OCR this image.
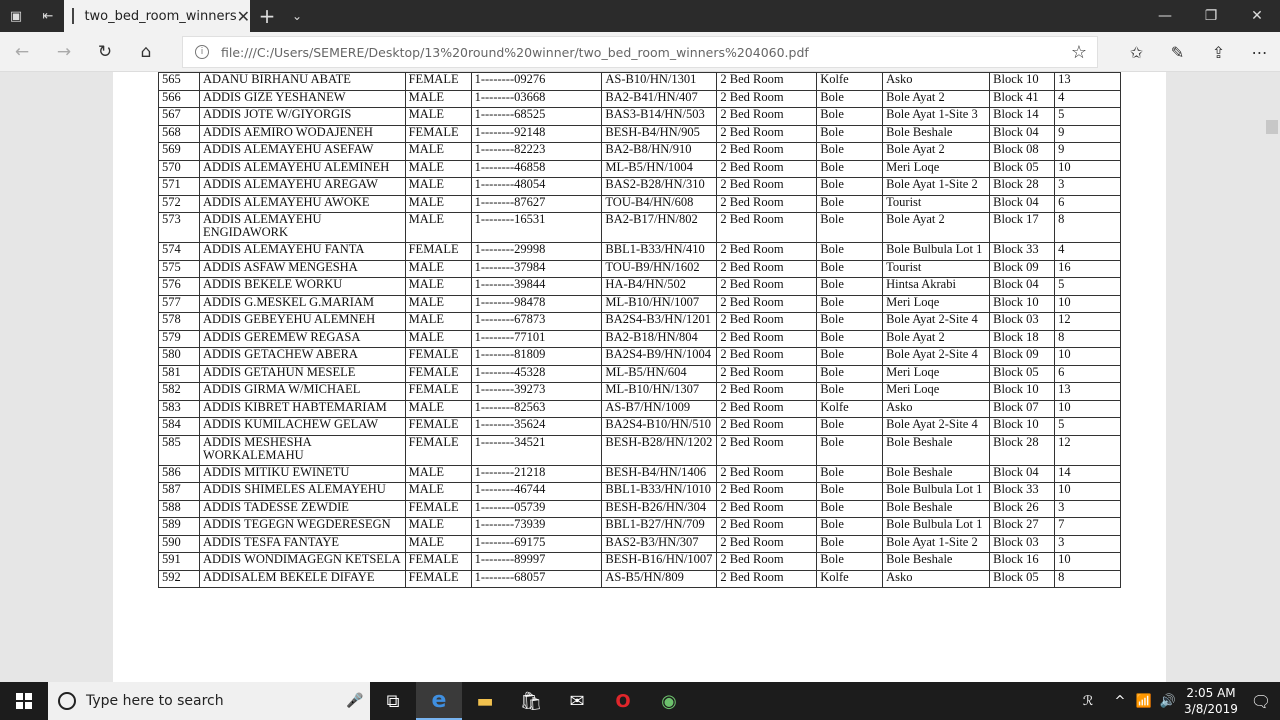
▣	⇤	two_bed_room_winners ✕ +	⌄	—	❐	✕
←	→	↻	⌂	i	file:///C:/Users/SEMERE/Desktop/13%20round%20winner/two_bed_room_winners%204060.pdf	☆	✩	✎	⇪	⋯
565	ADANU BIRHANU ABATE	FEMALE	1--------09276	AS-B10/HN/1301	2 Bed Room	Kolfe	Asko	Block 10	13
566	ADDIS GIZE YESHANEW	MALE	1--------03668	BA2-B41/HN/407	2 Bed Room	Bole	Bole Ayat 2	Block 41	4
567	ADDIS JOTE W/GIYORGIS	MALE	1--------68525	BAS3-B14/HN/503	2 Bed Room	Bole	Bole Ayat 1-Site 3	Block 14	5
568	ADDIS AEMIRO WODAJENEH	FEMALE	1--------92148	BESH-B4/HN/905	2 Bed Room	Bole	Bole Beshale	Block 04	9
569	ADDIS ALEMAYEHU ASEFAW	MALE	1--------82223	BA2-B8/HN/910	2 Bed Room	Bole	Bole Ayat 2	Block 08	9
570	ADDIS ALEMAYEHU ALEMINEH	MALE	1--------46858	ML-B5/HN/1004	2 Bed Room	Bole	Meri Loqe	Block 05	10
571	ADDIS ALEMAYEHU AREGAW	MALE	1--------48054	BAS2-B28/HN/310	2 Bed Room	Bole	Bole Ayat 1-Site 2	Block 28	3
572	ADDIS ALEMAYEHU AWOKE	MALE	1--------87627	TOU-B4/HN/608	2 Bed Room	Bole	Tourist	Block 04	6
573	ADDIS ALEMAYEHU ENGIDAWORK	MALE	1--------16531	BA2-B17/HN/802	2 Bed Room	Bole	Bole Ayat 2	Block 17	8
574	ADDIS ALEMAYEHU FANTA	FEMALE	1--------29998	BBL1-B33/HN/410	2 Bed Room	Bole	Bole Bulbula Lot 1	Block 33	4
575	ADDIS ASFAW MENGESHA	MALE	1--------37984	TOU-B9/HN/1602	2 Bed Room	Bole	Tourist	Block 09	16
576	ADDIS BEKELE WORKU	MALE	1--------39844	HA-B4/HN/502	2 Bed Room	Bole	Hintsa Akrabi	Block 04	5
577	ADDIS G.MESKEL G.MARIAM	MALE	1--------98478	ML-B10/HN/1007	2 Bed Room	Bole	Meri Loqe	Block 10	10
578	ADDIS GEBEYEHU ALEMNEH	MALE	1--------67873	BA2S4-B3/HN/1201	2 Bed Room	Bole	Bole Ayat 2-Site 4	Block 03	12
579	ADDIS GEREMEW REGASA	MALE	1--------77101	BA2-B18/HN/804	2 Bed Room	Bole	Bole Ayat 2	Block 18	8
580	ADDIS GETACHEW ABERA	FEMALE	1--------81809	BA2S4-B9/HN/1004	2 Bed Room	Bole	Bole Ayat 2-Site 4	Block 09	10
581	ADDIS GETAHUN MESELE	FEMALE	1--------45328	ML-B5/HN/604	2 Bed Room	Bole	Meri Loqe	Block 05	6
582	ADDIS GIRMA W/MICHAEL	FEMALE	1--------39273	ML-B10/HN/1307	2 Bed Room	Bole	Meri Loqe	Block 10	13
583	ADDIS KIBRET HABTEMARIAM	MALE	1--------82563	AS-B7/HN/1009	2 Bed Room	Kolfe	Asko	Block 07	10
584	ADDIS KUMILACHEW GELAW	FEMALE	1--------35624	BA2S4-B10/HN/510	2 Bed Room	Bole	Bole Ayat 2-Site 4	Block 10	5
585	ADDIS MESHESHA WORKALEMAHU	FEMALE	1--------34521	BESH-B28/HN/1202	2 Bed Room	Bole	Bole Beshale	Block 28	12
586	ADDIS MITIKU EWINETU	MALE	1--------21218	BESH-B4/HN/1406	2 Bed Room	Bole	Bole Beshale	Block 04	14
587	ADDIS SHIMELES ALEMAYEHU	MALE	1--------46744	BBL1-B33/HN/1010	2 Bed Room	Bole	Bole Bulbula Lot 1	Block 33	10
588	ADDIS TADESSE ZEWDIE	FEMALE	1--------05739	BESH-B26/HN/304	2 Bed Room	Bole	Bole Beshale	Block 26	3
589	ADDIS TEGEGN WEGDERESEGN	MALE	1--------73939	BBL1-B27/HN/709	2 Bed Room	Bole	Bole Bulbula Lot 1	Block 27	7
590	ADDIS TESFA FANTAYE	MALE	1--------69175	BAS2-B3/HN/307	2 Bed Room	Bole	Bole Ayat 1-Site 2	Block 03	3
591	ADDIS WONDIMAGEGN KETSELA	FEMALE	1--------89997	BESH-B16/HN/1007	2 Bed Room	Bole	Bole Beshale	Block 16	10
592	ADDISALEM BEKELE DIFAYE	FEMALE	1--------68057	AS-B5/HN/809	2 Bed Room	Kolfe	Asko	Block 05	8
Type here to search	🎤	⧉	e	▬	🛍	✉	O	◉	ℛ	^ 📶 🔊
2:05 AM
3/8/2019 🗨
